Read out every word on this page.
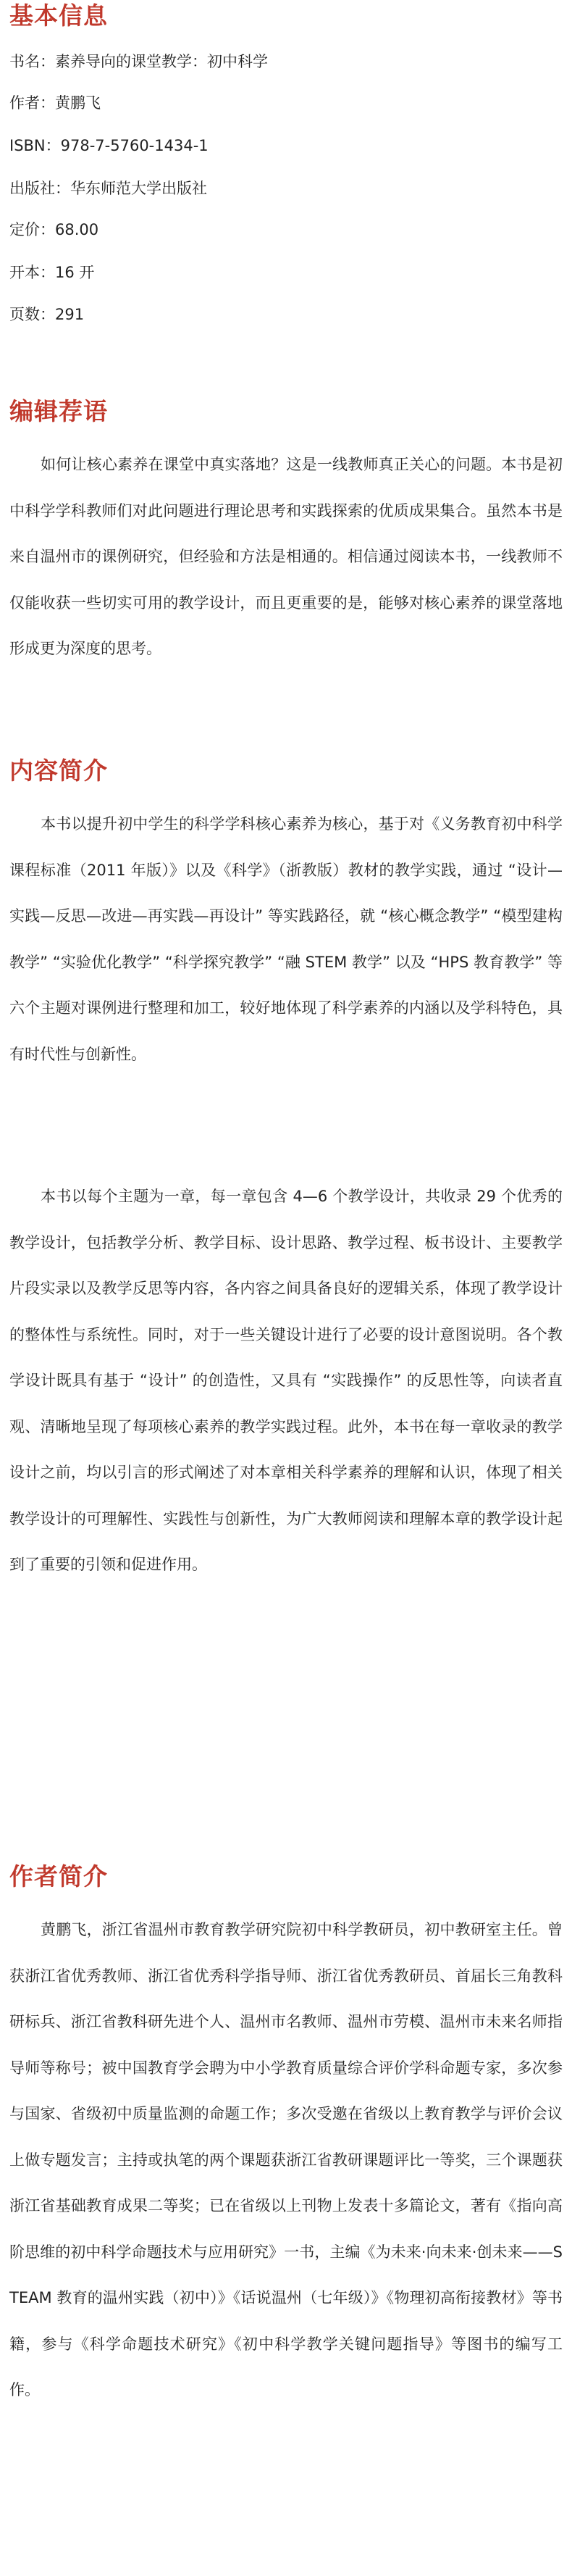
基本信息
书名：素养导向的课堂教学：初中科学
作者：黄鹏飞
ISBN：978-7-5760-1434-1
出版社：华东师范大学出版社
定价：68.00
开本：16 开
页数：291
编辑荐语

如何让核心素养在课堂中真实落地？这是一线教师真正关心的问题。本书是初中科学学科教师们对此问题进行理论思考和实践探索的优质成果集合。虽然本书是来自温州市的课例研究，但经验和方法是相通的。相信通过阅读本书，一线教师不仅能收获一些切实可用的教学设计，而且更重要的是，能够对核心素养的课堂落地形成更为深度的思考。

内容简介

本书以提升初中学生的科学学科核心素养为核心，基于对《义务教育初中科学课程标准（2011 年版）》以及《科学》（浙教版）教材的教学实践，通过 “设计—实践—反思—改进—再实践—再设计” 等实践路径，就 “核心概念教学” “模型建构教学” “实验优化教学” “科学探究教学” “融 STEM 教学” 以及 “HPS 教育教学” 等六个主题对课例进行整理和加工，较好地体现了科学素养的内涵以及学科特色，具有时代性与创新性。

本书以每个主题为一章，每一章包含 4—6 个教学设计，共收录 29 个优秀的教学设计，包括教学分析、教学目标、设计思路、教学过程、板书设计、主要教学片段实录以及教学反思等内容，各内容之间具备良好的逻辑关系，体现了教学设计的整体性与系统性。同时，对于一些关键设计进行了必要的设计意图说明。各个教学设计既具有基于 “设计” 的创造性，又具有 “实践操作” 的反思性等，向读者直观、清晰地呈现了每项核心素养的教学实践过程。此外，本书在每一章收录的教学设计之前，均以引言的形式阐述了对本章相关科学素养的理解和认识，体现了相关教学设计的可理解性、实践性与创新性，为广大教师阅读和理解本章的教学设计起到了重要的引领和促进作用。

作者简介

黄鹏飞，浙江省温州市教育教学研究院初中科学教研员，初中教研室主任。曾获浙江省优秀教师、浙江省优秀科学指导师、浙江省优秀教研员、首届长三角教科研标兵、浙江省教科研先进个人、温州市名教师、温州市劳模、温州市未来名师指导师等称号；被中国教育学会聘为中小学教育质量综合评价学科命题专家，多次参与国家、省级初中质量监测的命题工作；多次受邀在省级以上教育教学与评价会议上做专题发言；主持或执笔的两个课题获浙江省教研课题评比一等奖，三个课题获浙江省基础教育成果二等奖；已在省级以上刊物上发表十多篇论文，著有《指向高阶思维的初中科学命题技术与应用研究》一书，主编《为未来·向未来·创未来——STEAM 教育的温州实践（初中）》《话说温州（七年级）》《物理初高衔接教材》等书籍，参与《科学命题技术研究》《初中科学教学关键问题指导》等图书的编写工作。
